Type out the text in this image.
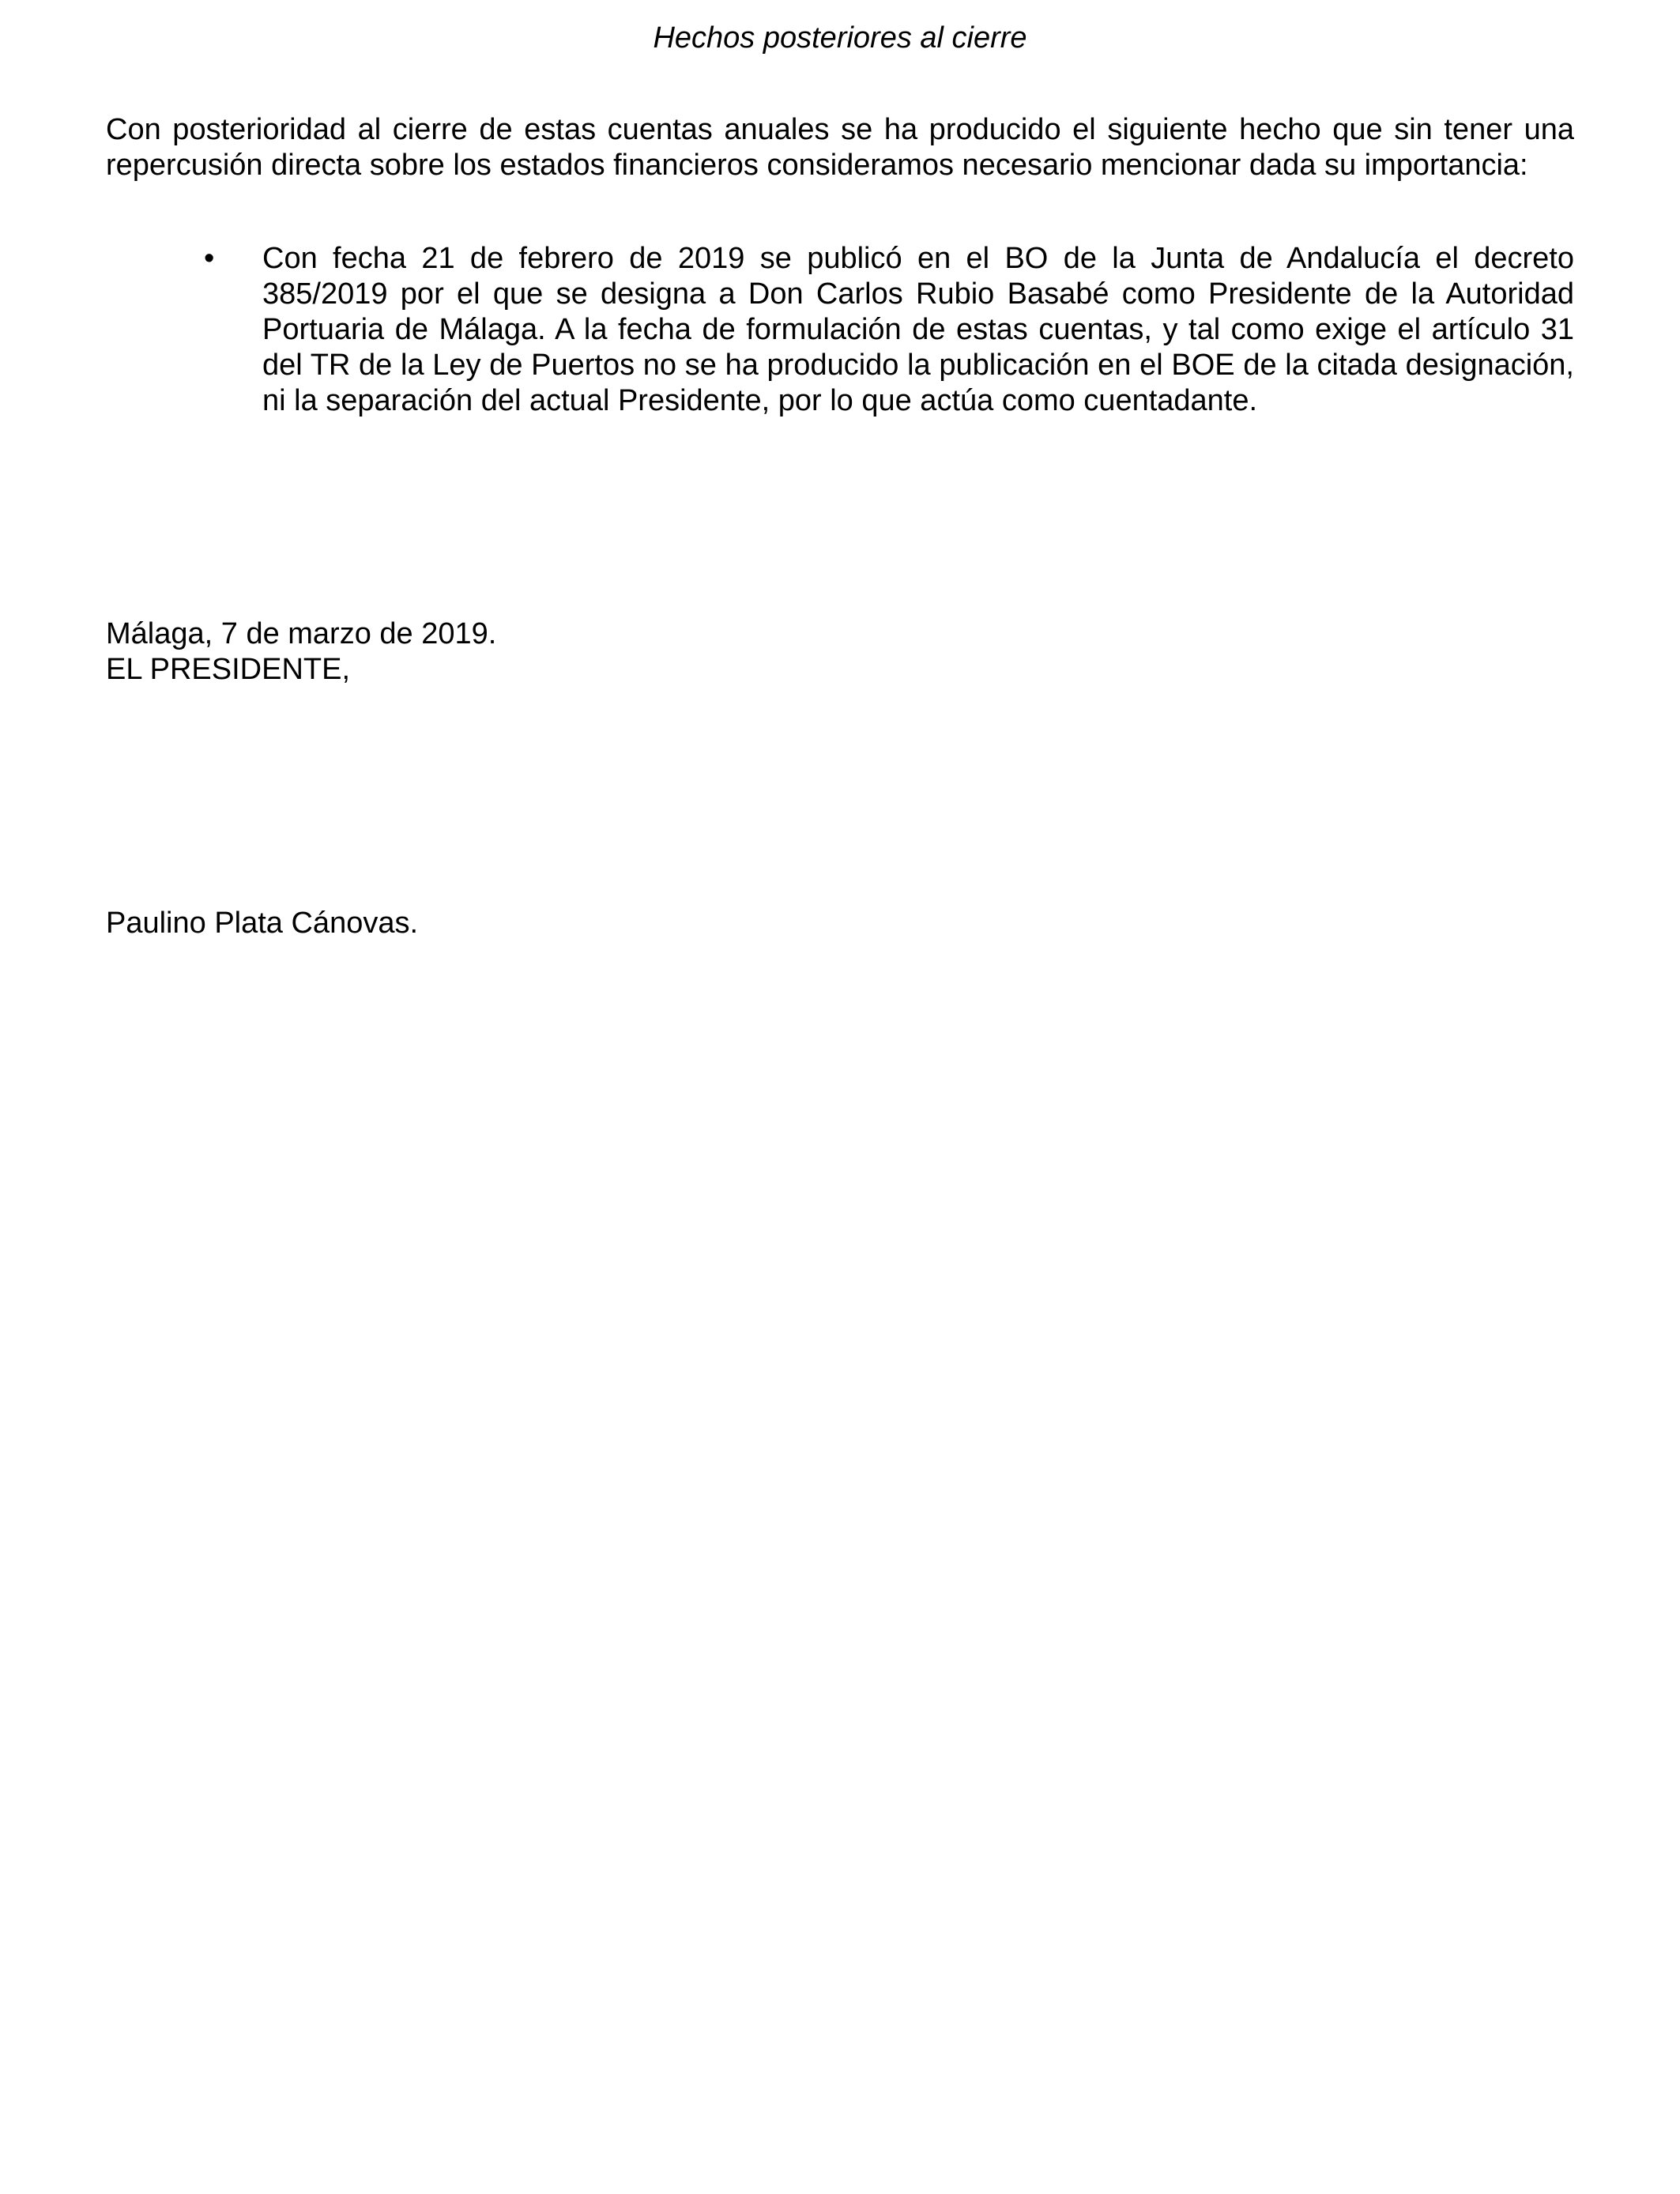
Hechos posteriores al cierre

Con posterioridad al cierre de estas cuentas anuales se ha producido el siguiente hecho que sin tener una repercusión directa sobre los estados financieros consideramos necesario mencionar dada su importancia:

• Con fecha 21 de febrero de 2019 se publicó en el BO de la Junta de Andalucía el decreto 385/2019 por el que se designa a Don Carlos Rubio Basabé como Presidente de la Autoridad Portuaria de Málaga. A la fecha de formulación de estas cuentas, y tal como exige el artículo 31 del TR de la Ley de Puertos no se ha producido la publicación en el BOE de la citada designación, ni la separación del actual Presidente, por lo que actúa como cuentadante.
Málaga, 7 de marzo de 2019.
EL PRESIDENTE,
Paulino Plata Cánovas.
